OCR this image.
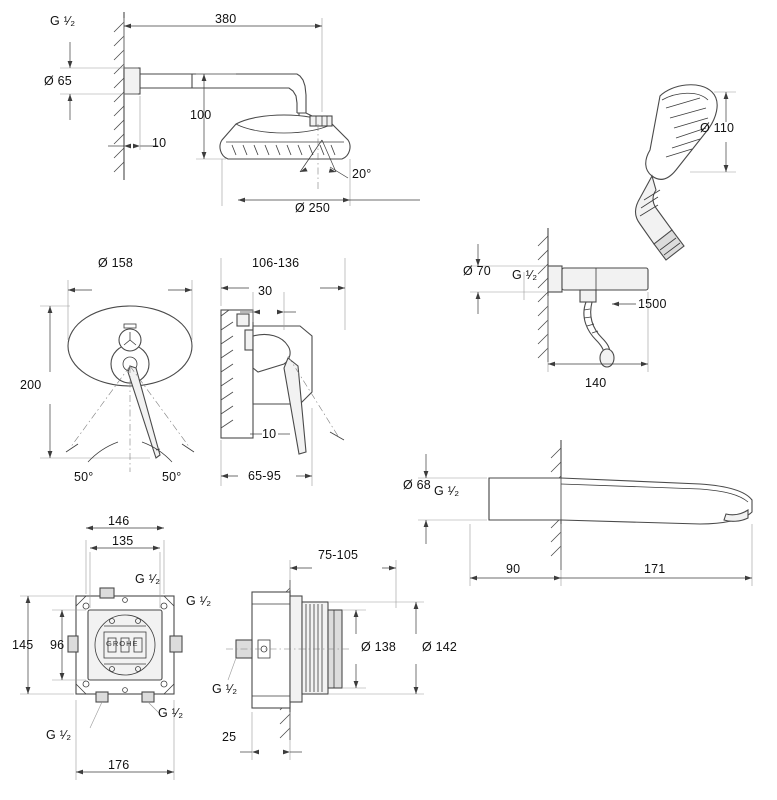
380
G ¹⁄₂
Ø 65
10
100
Ø 250
20°
Ø 110
Ø 70 G ¹⁄₂
1500
140
Ø 158
200
106-136
30
10
65-95
50°	50°
Ø 68 G ¹⁄₂
90	171
146
135
176
145 96
G ¹⁄₂
G ¹⁄₂
G ¹⁄₂
G ¹⁄₂
GROHE
75-105
25
Ø 138 Ø 142
G ¹⁄₂
